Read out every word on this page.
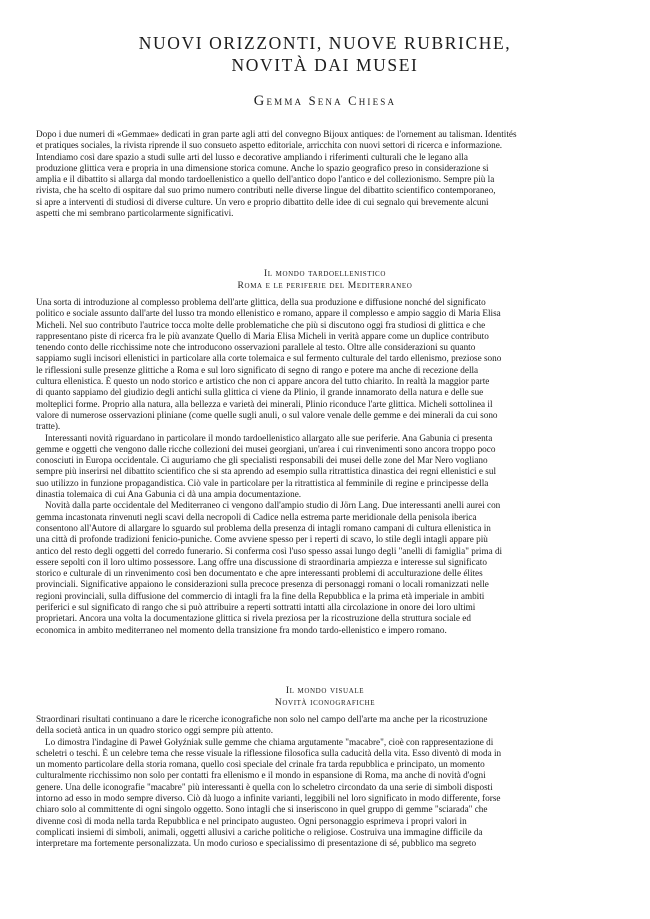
NUOVI ORIZZONTI, NUOVE RUBRICHE,
NOVITÀ DAI MUSEI
Gemma Sena Chiesa
Dopo i due numeri di «Gemmae» dedicati in gran parte agli atti del convegno Bijoux antiques: de l'ornement au talisman. Identités
et pratiques sociales, la rivista riprende il suo consueto aspetto editoriale, arricchita con nuovi settori di ricerca e informazione.
Intendiamo così dare spazio a studi sulle arti del lusso e decorative ampliando i riferimenti culturali che le legano alla
produzione glittica vera e propria in una dimensione storica comune. Anche lo spazio geografico preso in considerazione si
amplia e il dibattito si allarga dal mondo tardoellenistico a quello dell'antico dopo l'antico e del collezionismo. Sempre più la
rivista, che ha scelto di ospitare dal suo primo numero contributi nelle diverse lingue del dibattito scientifico contemporaneo,
si apre a interventi di studiosi di diverse culture. Un vero e proprio dibattito delle idee di cui segnalo qui brevemente alcuni
aspetti che mi sembrano particolarmente significativi.
Il mondo tardoellenistico
Roma e le periferie del Mediterraneo
Una sorta di introduzione al complesso problema dell'arte glittica, della sua produzione e diffusione nonché del significato
politico e sociale assunto dall'arte del lusso tra mondo ellenistico e romano, appare il complesso e ampio saggio di Maria Elisa
Micheli. Nel suo contributo l'autrice tocca molte delle problematiche che più si discutono oggi fra studiosi di glittica e che
rappresentano piste di ricerca fra le più avanzate Quello di Maria Elisa Micheli in verità appare come un duplice contributo
tenendo conto delle ricchissime note che introducono osservazioni parallele al testo. Oltre alle considerazioni su quanto
sappiamo sugli incisori ellenistici in particolare alla corte tolemaica e sul fermento culturale del tardo ellenismo, preziose sono
le riflessioni sulle presenze glittiche a Roma e sul loro significato di segno di rango e potere ma anche di recezione della
cultura ellenistica. È questo un nodo storico e artistico che non ci appare ancora del tutto chiarito. In realtà la maggior parte
di quanto sappiamo del giudizio degli antichi sulla glittica ci viene da Plinio, il grande innamorato della natura e delle sue
molteplici forme. Proprio alla natura, alla bellezza e varietà dei minerali, Plinio riconduce l'arte glittica. Micheli sottolinea il
valore di numerose osservazioni pliniane (come quelle sugli anuli, o sul valore venale delle gemme e dei minerali da cui sono
tratte).
Interessanti novità riguardano in particolare il mondo tardoellenistico allargato alle sue periferie. Ana Gabunia ci presenta
gemme e oggetti che vengono dalle ricche collezioni dei musei georgiani, un'area i cui rinvenimenti sono ancora troppo poco
conosciuti in Europa occidentale. Ci auguriamo che gli specialisti responsabili dei musei delle zone del Mar Nero vogliano
sempre più inserirsi nel dibattito scientifico che si sta aprendo ad esempio sulla ritrattistica dinastica dei regni ellenistici e sul
suo utilizzo in funzione propagandistica. Ciò vale in particolare per la ritrattistica al femminile di regine e principesse della
dinastia tolemaica di cui Ana Gabunia ci dà una ampia documentazione.
Novità dalla parte occidentale del Mediterraneo ci vengono dall'ampio studio di Jörn Lang. Due interessanti anelli aurei con
gemma incastonata rinvenuti negli scavi della necropoli di Cadice nella estrema parte meridionale della penisola iberica
consentono all'Autore di allargare lo sguardo sul problema della presenza di intagli romano campani di cultura ellenistica in
una città di profonde tradizioni fenicio-puniche. Come avviene spesso per i reperti di scavo, lo stile degli intagli appare più
antico del resto degli oggetti del corredo funerario. Si conferma così l'uso spesso assai lungo degli "anelli di famiglia" prima di
essere sepolti con il loro ultimo possessore. Lang offre una discussione di straordinaria ampiezza e interesse sul significato
storico e culturale di un rinvenimento così ben documentato e che apre interessanti problemi di acculturazione delle élites
provinciali. Significative appaiono le considerazioni sulla precoce presenza di personaggi romani o locali romanizzati nelle
regioni provinciali, sulla diffusione del commercio di intagli fra la fine della Repubblica e la prima età imperiale in ambiti
periferici e sul significato di rango che si può attribuire a reperti sottratti intatti alla circolazione in onore dei loro ultimi
proprietari. Ancora una volta la documentazione glittica si rivela preziosa per la ricostruzione della struttura sociale ed
economica in ambito mediterraneo nel momento della transizione fra mondo tardo-ellenistico e impero romano.
Il mondo visuale
Novità iconografiche
Straordinari risultati continuano a dare le ricerche iconografiche non solo nel campo dell'arte ma anche per la ricostruzione
della società antica in un quadro storico oggi sempre più attento.
Lo dimostra l'indagine di Paweł Gołyźniak sulle gemme che chiama argutamente "macabre", cioè con rappresentazione di
scheletri o teschi. È un celebre tema che resse visuale la riflessione filosofica sulla caducità della vita. Esso diventò di moda in
un momento particolare della storia romana, quello così speciale del crinale fra tarda repubblica e principato, un momento
culturalmente ricchissimo non solo per contatti fra ellenismo e il mondo in espansione di Roma, ma anche di novità d'ogni
genere. Una delle iconografie "macabre" più interessanti è quella con lo scheletro circondato da una serie di simboli disposti
intorno ad esso in modo sempre diverso. Ciò dà luogo a infinite varianti, leggibili nel loro significato in modo differente, forse
chiaro solo al committente di ogni singolo oggetto. Sono intagli che si inseriscono in quel gruppo di gemme "sciarada" che
divenne così di moda nella tarda Repubblica e nel principato augusteo. Ogni personaggio esprimeva i propri valori in
complicati insiemi di simboli, animali, oggetti allusivi a cariche politiche o religiose. Costruiva una immagine difficile da
interpretare ma fortemente personalizzata. Un modo curioso e specialissimo di presentazione di sé, pubblico ma segreto
